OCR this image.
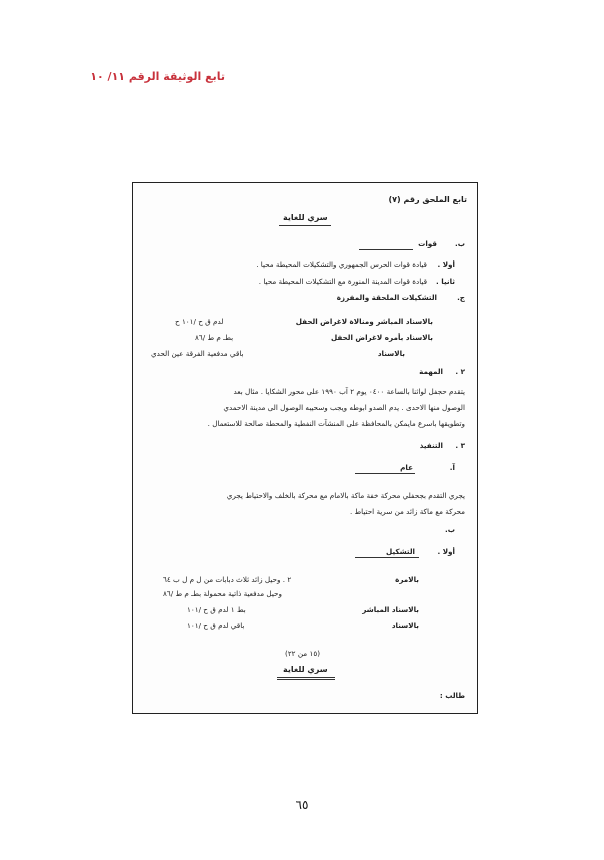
تابع الوثيقة الرقم ١١/ ١٠
تابع الملحق رقم (٧)
سري للغاية
ب.
قوات
أولا .
قيادة قوات الحرس الجمهوري والتشكيلات المحيطة محيا .
ثانيا .
قيادة قوات المدينة المنورة مع التشكيلات المحيطة محيا .
ج.
التشكيلات الملحقة والمفرزة
بالاسناد المباشر ومنالاة لاغراض الحفل
لدم ق ح /١٠١ ح
بالاسناد بأمره لاغراض الحفل
بطـ م ط /٨٦
بالاسناد
باقي مدفعية الفرقة عين الحدي
٢ .
المهمة
يتقدم حجفل لواثنا بالساعة ٠٤٠٠ يوم ٢ آب ١٩٩٠ على محور الشكايا . مثال بعد
الوصول منها الاحدى . يدم الصدو ابوطه ويجب وسحيبه الوصول الى مدينة الاحمدي
وتطويقها باسرع مايمكن بالمحافظة على المنشآت النفطية والمحطة صالحة للاستعمال .
٣ .
التنفيذ
آ.
عام
يجري التقدم بجحفلي محركة خفة ماكة بالامام مع محركة بالخلف والاحتياط يجري
محركة مع ماكة زائد من سرية احتياط .
ب.
أولا .
التشكيل
بالامرة
٢ . وحيل زائد ثلاث دبابات من ل م ل ب ٦٤
وحيل مدفعية ذاتية محمولة بطـ م ط /٨٦
بالاسناد المباشر
بط ١ لدم ق ح /١٠١
بالاسناد
باقي لدم ق ح /١٠١
(١٥ من ٢٢)
سري للغاية
طالب :
٦٥
